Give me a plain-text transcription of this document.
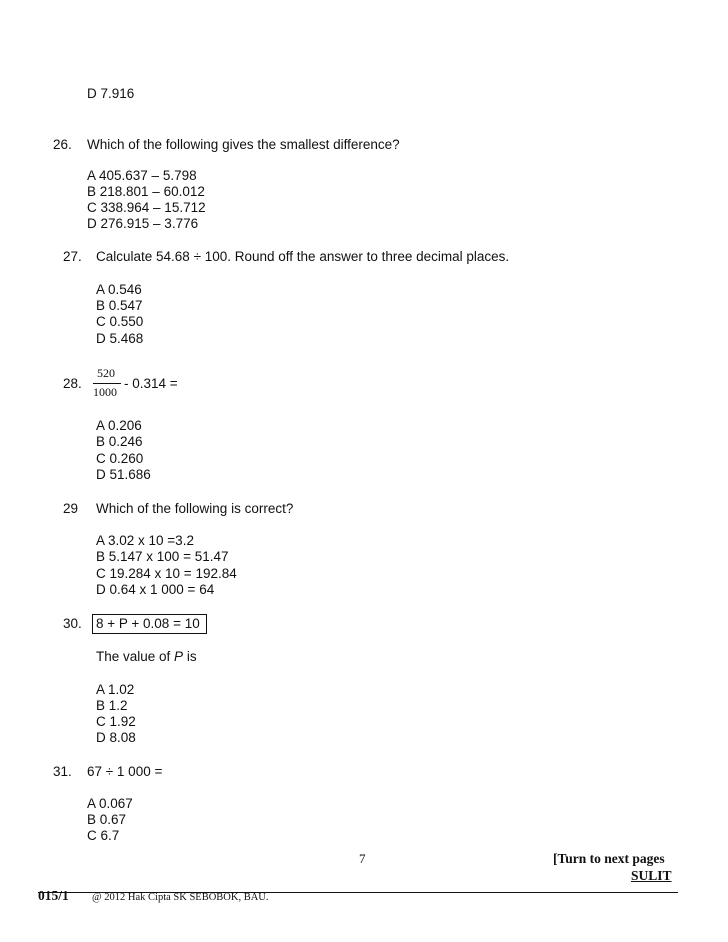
D 7.916
26. Which of the following gives the smallest difference?
A 405.637 – 5.798
B 218.801 – 60.012
C 338.964 – 15.712
D 276.915 – 3.776
27. Calculate 54.68 ÷ 100. Round off the answer to three decimal places.
A 0.546
B 0.547
C 0.550
D 5.468
28.
520
1000
- 0.314 =
A 0.206
B 0.246
C 0.260
D 51.686
29 Which of the following is correct?
A 3.02 x 10 =3.2
B 5.147 x 100 = 51.47
C 19.284 x 10 = 192.84
D 0.64 x 1 000 = 64
30. 8 + P + 0.08 = 10
The value of P is
A 1.02
B 1.2
C 1.92
D 8.08
31. 67 ÷ 1 000 =
A 0.067
B 0.67
C 6.7
7	[Turn to next pages
SULIT
015/1 @ 2012 Hak Cipta SK SEBOBOK, BAU.
